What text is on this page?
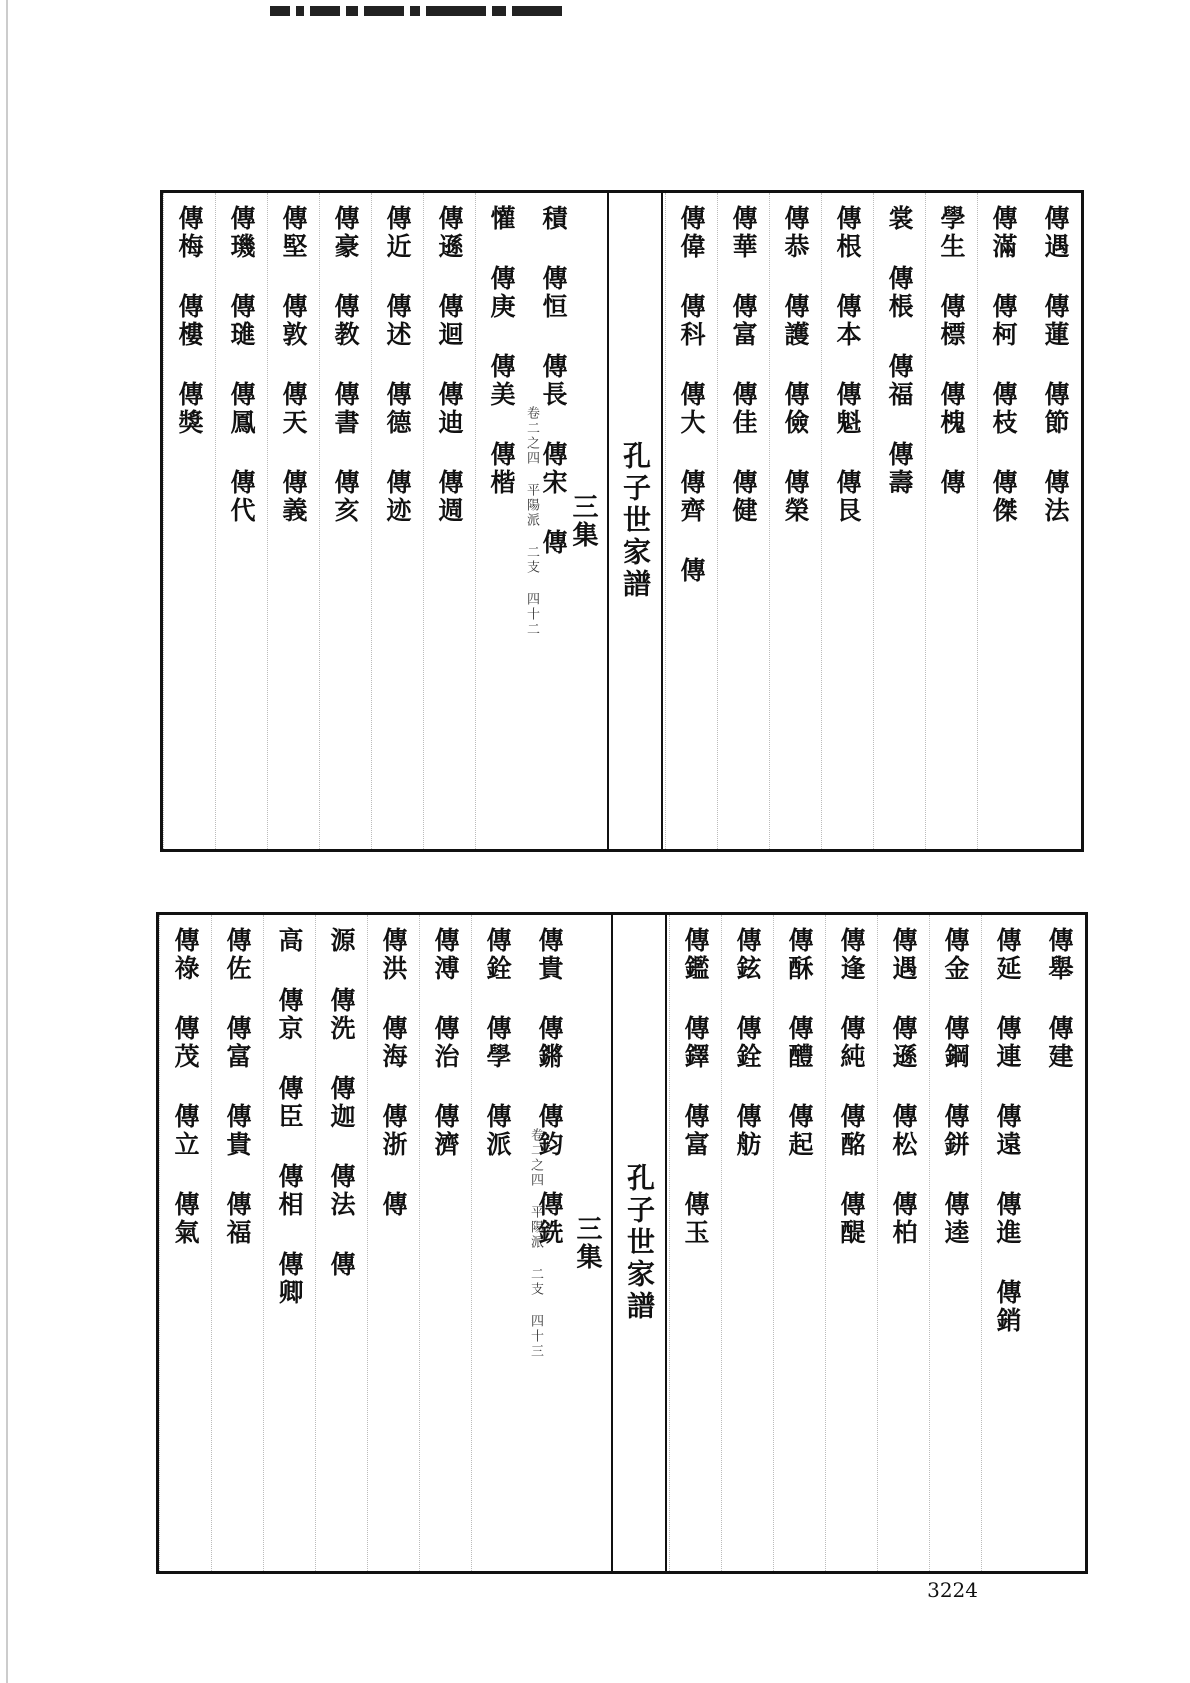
傳遇 傳蓮 傳節 傳法
傳滿 傳柯 傳枝 傳傑
學生 傳標 傳槐 傳
裳 傳棖 傳福 傳壽
傳根 傳本 傳魁 傳艮
傳恭 傳護 傳儉 傳榮
傳華 傳富 傳佳 傳健
傳偉 傳科 傳大 傳齊 傳
孔子世家譜
三集
卷二之四 平陽派 二支 四十二 積 傳恒 傳長 傳宋 傳
懽 傳庚 傳美 傳楷
傳遜 傳迴 傳迪 傳週
傳近 傳述 傳德 傳迹
傳豪 傳教 傳書 傳亥
傳堅 傳敦 傳天 傳義
傳璣 傳璡 傳鳳 傳代
傳梅 傳樓 傳獎
傳舉 傳建
傳延 傳連 傳遠 傳進 傳銷
傳金 傳鋼 傳鉼 傳逵
傳遇 傳遜 傳松 傳柏
傳逢 傳純 傳酩 傳醍
傳酥 傳醴 傳起
傳鉉 傳銓 傳舫
傳鑑 傳鐸 傳富 傳玉
孔子世家譜
三集
卷二之四 平陽派 二支 四十三
傳貴 傳鏘 傳鈞 傳銑
傳銓 傳學 傳派
傳溥 傳治 傳濟
傳洪 傳海 傳浙 傳
源 傳洗 傳迦 傳法 傳
高 傳京 傳臣 傳相 傳卿
傳佐 傳富 傳貴 傳福
傳祿 傳茂 傳立 傳氣
3224
